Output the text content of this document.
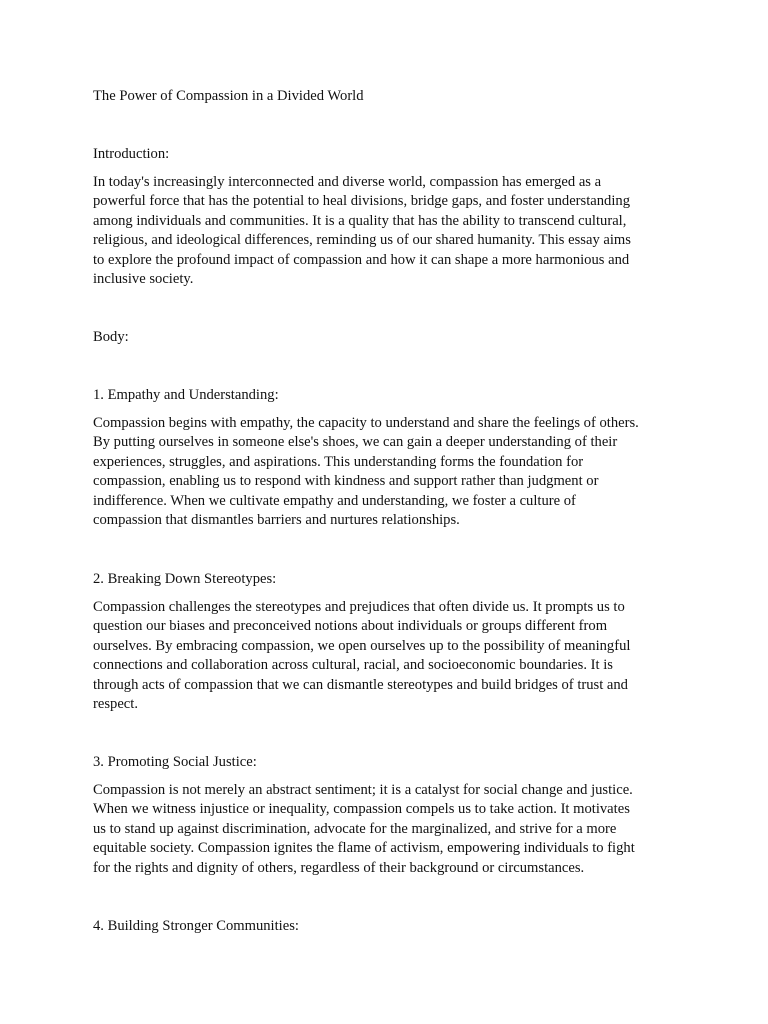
The Power of Compassion in a Divided World

Introduction:

In today's increasingly interconnected and diverse world, compassion has emerged as a
powerful force that has the potential to heal divisions, bridge gaps, and foster understanding
among individuals and communities. It is a quality that has the ability to transcend cultural,
religious, and ideological differences, reminding us of our shared humanity. This essay aims
to explore the profound impact of compassion and how it can shape a more harmonious and
inclusive society.

Body:

1. Empathy and Understanding:

Compassion begins with empathy, the capacity to understand and share the feelings of others.
By putting ourselves in someone else's shoes, we can gain a deeper understanding of their
experiences, struggles, and aspirations. This understanding forms the foundation for
compassion, enabling us to respond with kindness and support rather than judgment or
indifference. When we cultivate empathy and understanding, we foster a culture of
compassion that dismantles barriers and nurtures relationships.

2. Breaking Down Stereotypes:

Compassion challenges the stereotypes and prejudices that often divide us. It prompts us to
question our biases and preconceived notions about individuals or groups different from
ourselves. By embracing compassion, we open ourselves up to the possibility of meaningful
connections and collaboration across cultural, racial, and socioeconomic boundaries. It is
through acts of compassion that we can dismantle stereotypes and build bridges of trust and
respect.

3. Promoting Social Justice:

Compassion is not merely an abstract sentiment; it is a catalyst for social change and justice.
When we witness injustice or inequality, compassion compels us to take action. It motivates
us to stand up against discrimination, advocate for the marginalized, and strive for a more
equitable society. Compassion ignites the flame of activism, empowering individuals to fight
for the rights and dignity of others, regardless of their background or circumstances.

4. Building Stronger Communities:
